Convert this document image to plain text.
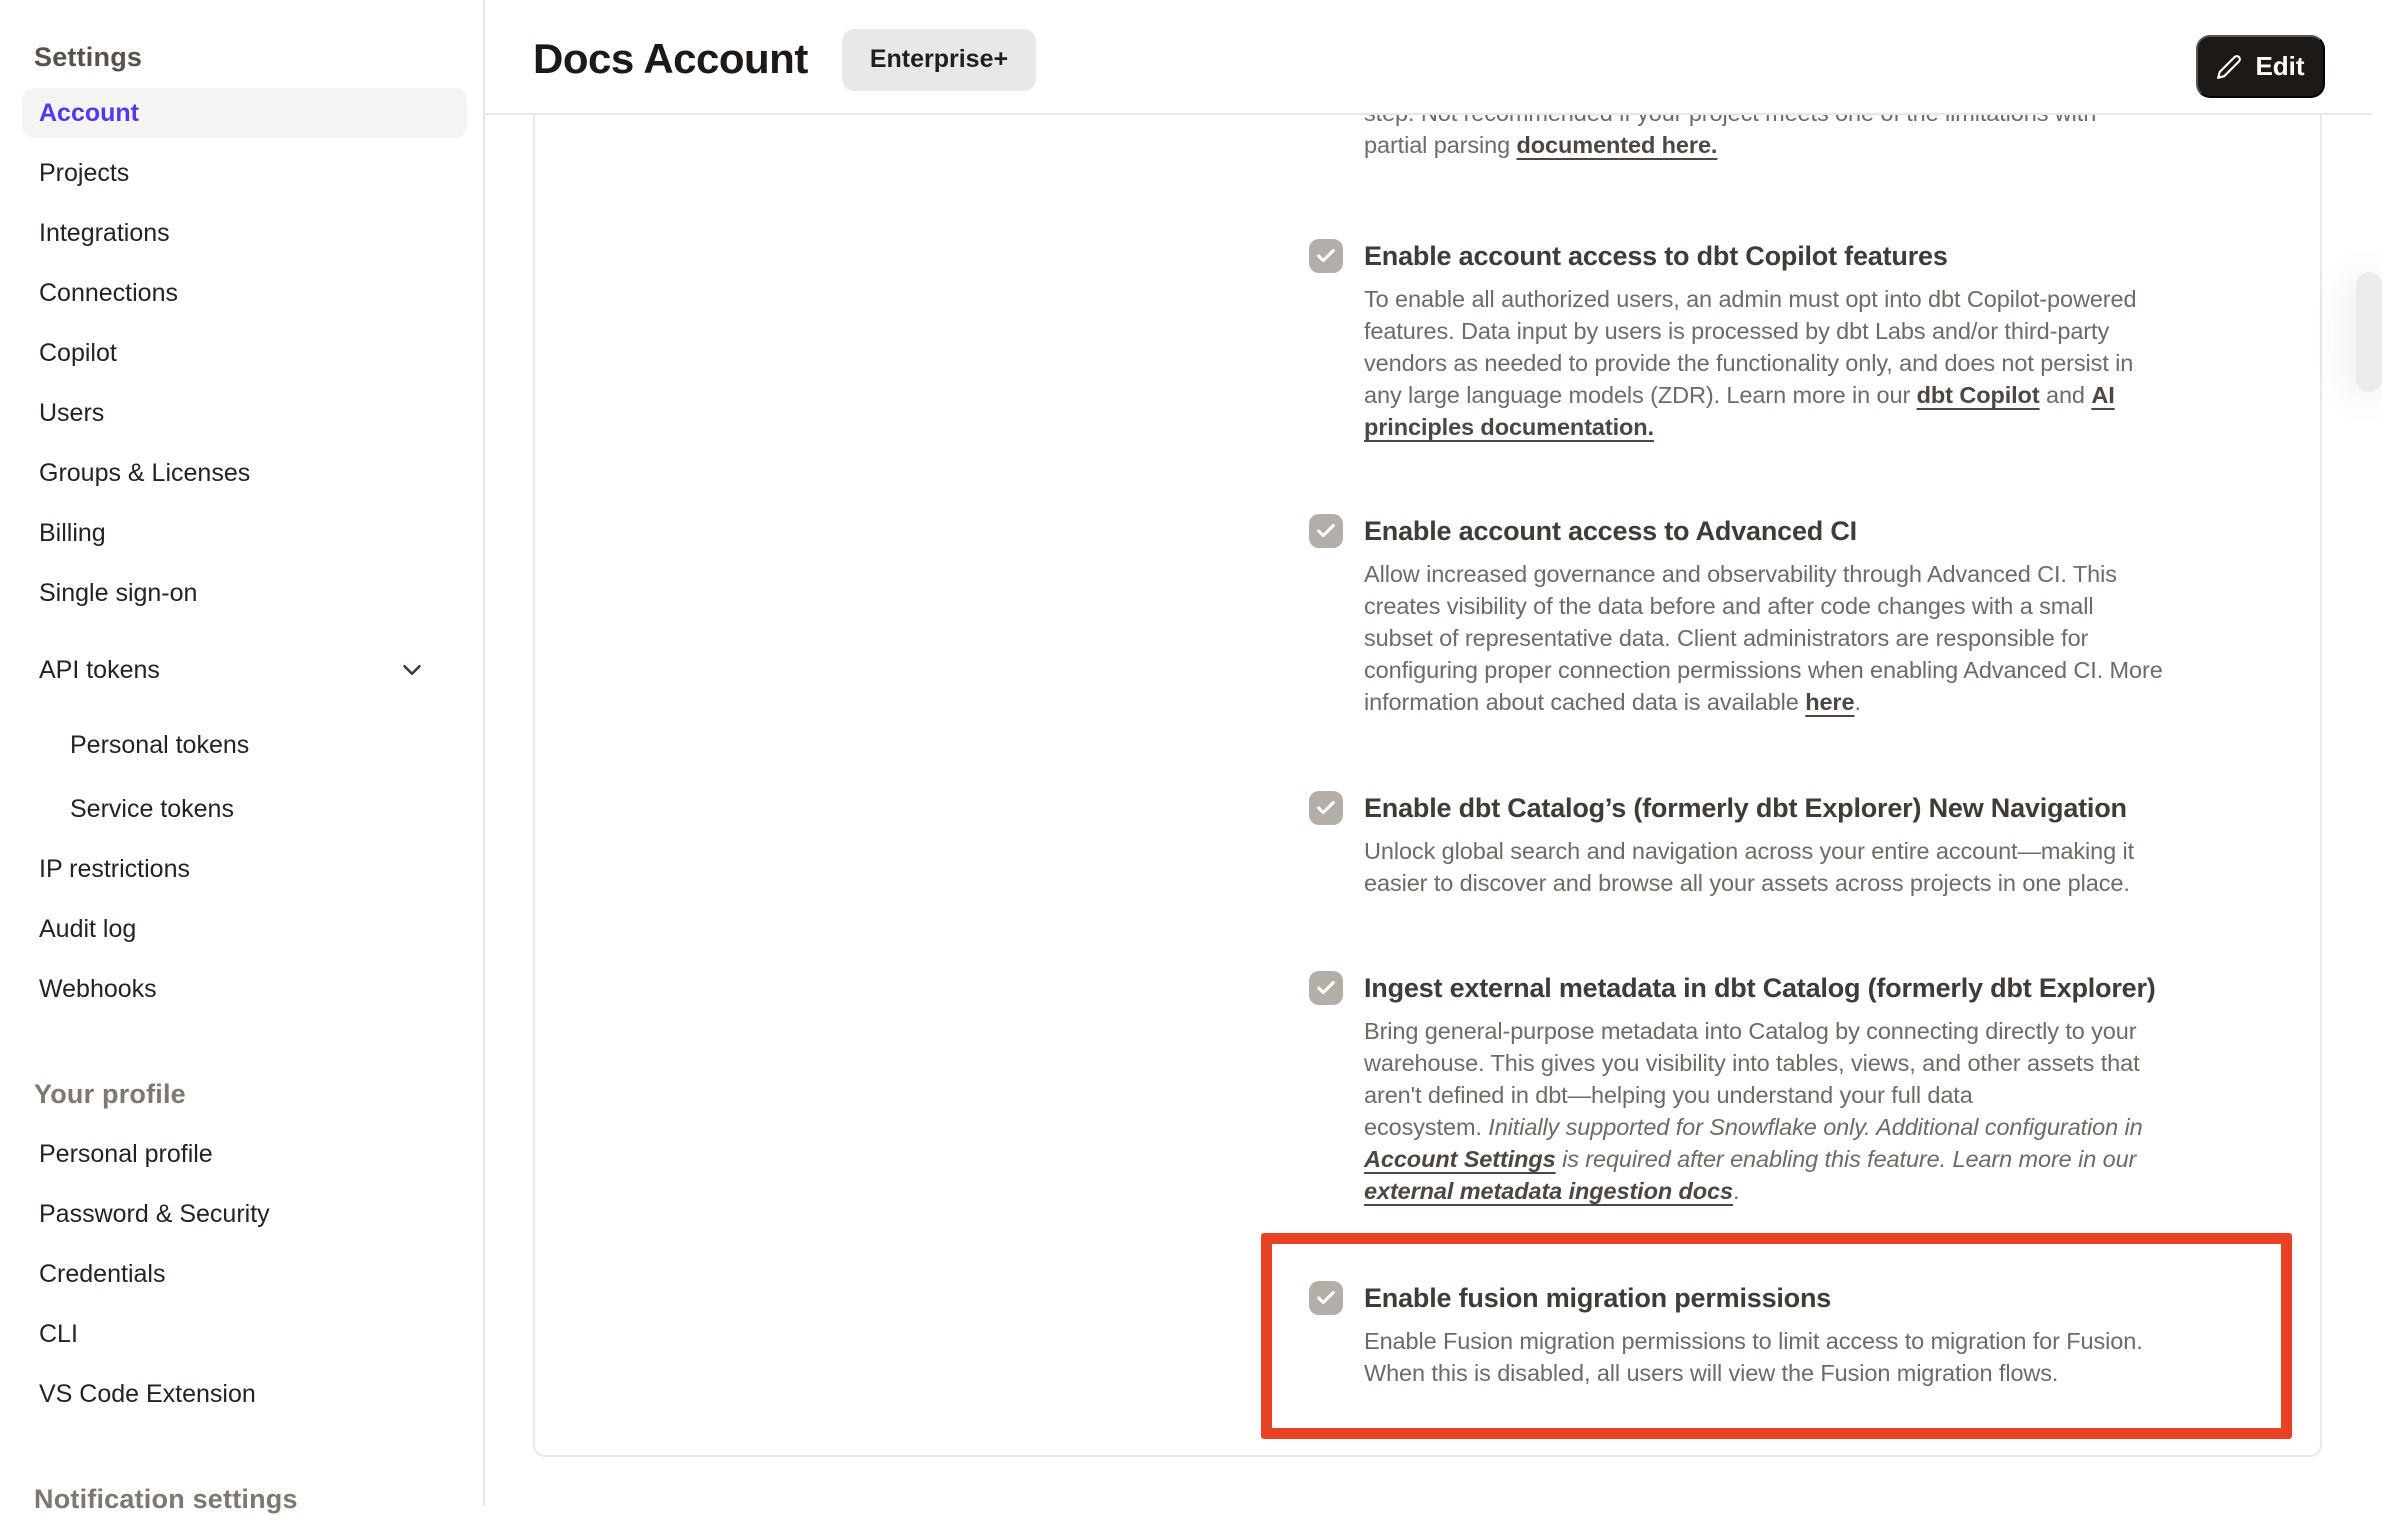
Settings
Account
Projects
Integrations
Connections
Copilot
Users
Groups & Licenses
Billing
Single sign-on
API tokens
Personal tokens
Service tokens
IP restrictions
Audit log
Webhooks
Your profile
Personal profile
Password & Security
Credentials
CLI
VS Code Extension
Notification settings
Docs Account	Enterprise+	Edit

partial parsing documented here.

Enable account access to dbt Copilot features

To enable all authorized users, an admin must opt into dbt Copilot-powered
features. Data input by users is processed by dbt Labs and/or third-party
vendors as needed to provide the functionality only, and does not persist in
any large language models (ZDR). Learn more in our dbt Copilot and AI
principles documentation.

Enable account access to Advanced CI

Allow increased governance and observability through Advanced CI. This
creates visibility of the data before and after code changes with a small
subset of representative data. Client administrators are responsible for
configuring proper connection permissions when enabling Advanced CI. More
information about cached data is available here.

Enable dbt Catalog’s (formerly dbt Explorer) New Navigation

Unlock global search and navigation across your entire account—making it
easier to discover and browse all your assets across projects in one place.

Ingest external metadata in dbt Catalog (formerly dbt Explorer)

Bring general-purpose metadata into Catalog by connecting directly to your
warehouse. This gives you visibility into tables, views, and other assets that
aren't defined in dbt—helping you understand your full data
ecosystem. Initially supported for Snowflake only. Additional configuration in
Account Settings is required after enabling this feature. Learn more in our
external metadata ingestion docs.

Enable fusion migration permissions

Enable Fusion migration permissions to limit access to migration for Fusion.
When this is disabled, all users will view the Fusion migration flows.
